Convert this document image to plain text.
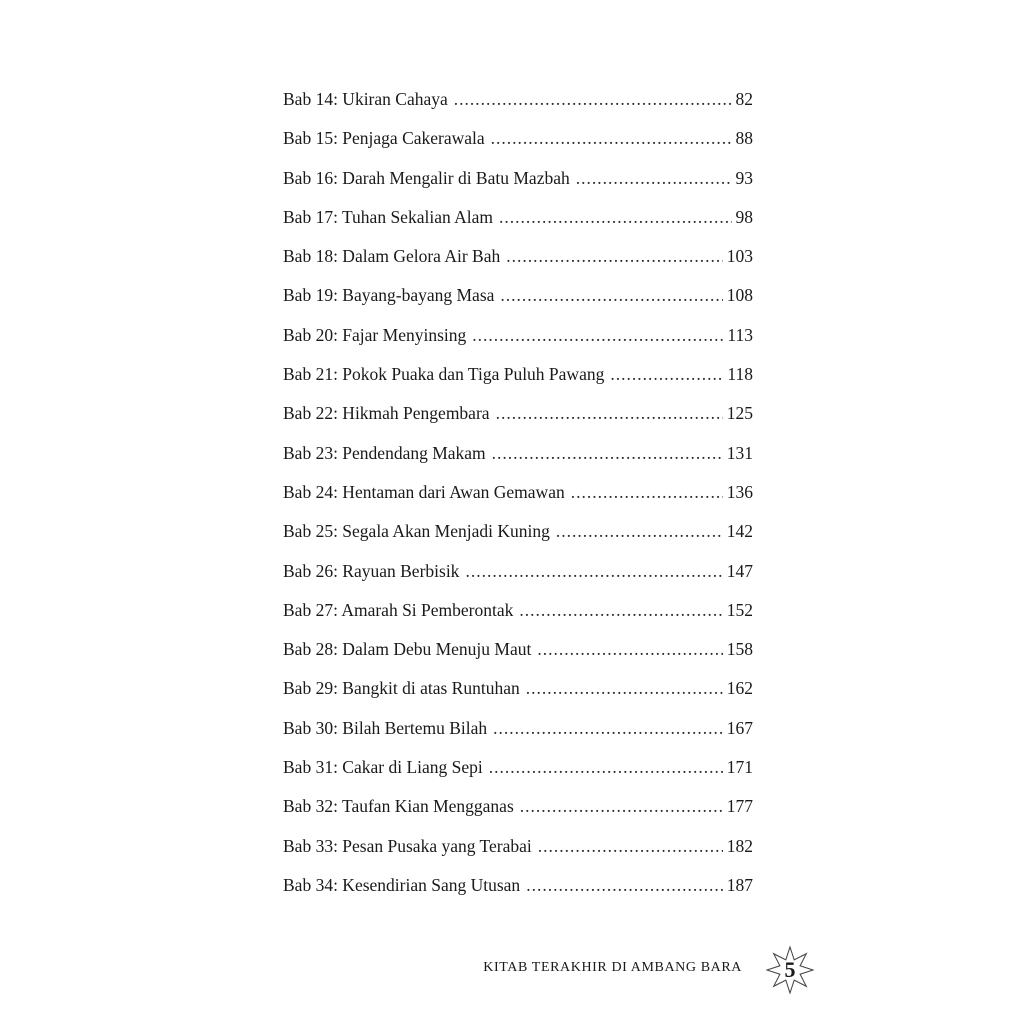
Bab 14: Ukiran Cahaya .....	82
Bab 15: Penjaga Cakerawala .....	88
Bab 16: Darah Mengalir di Batu Mazbah .....	93
Bab 17: Tuhan Sekalian Alam .....	98
Bab 18: Dalam Gelora Air Bah .....	103
Bab 19: Bayang-bayang Masa .....	108
Bab 20: Fajar Menyinsing .....	113
Bab 21: Pokok Puaka dan Tiga Puluh Pawang .....	118
Bab 22: Hikmah Pengembara .....	125
Bab 23: Pendendang Makam .....	131
Bab 24: Hentaman dari Awan Gemawan .....	136
Bab 25: Segala Akan Menjadi Kuning .....	142
Bab 26: Rayuan Berbisik .....	147
Bab 27: Amarah Si Pemberontak .....	152
Bab 28: Dalam Debu Menuju Maut .....	158
Bab 29: Bangkit di atas Runtuhan .....	162
Bab 30: Bilah Bertemu Bilah .....	167
Bab 31: Cakar di Liang Sepi .....	171
Bab 32: Taufan Kian Mengganas .....	177
Bab 33: Pesan Pusaka yang Terabai .....	182
Bab 34: Kesendirian Sang Utusan .....	187
KITAB TERAKHIR DI AMBANG BARA	5
